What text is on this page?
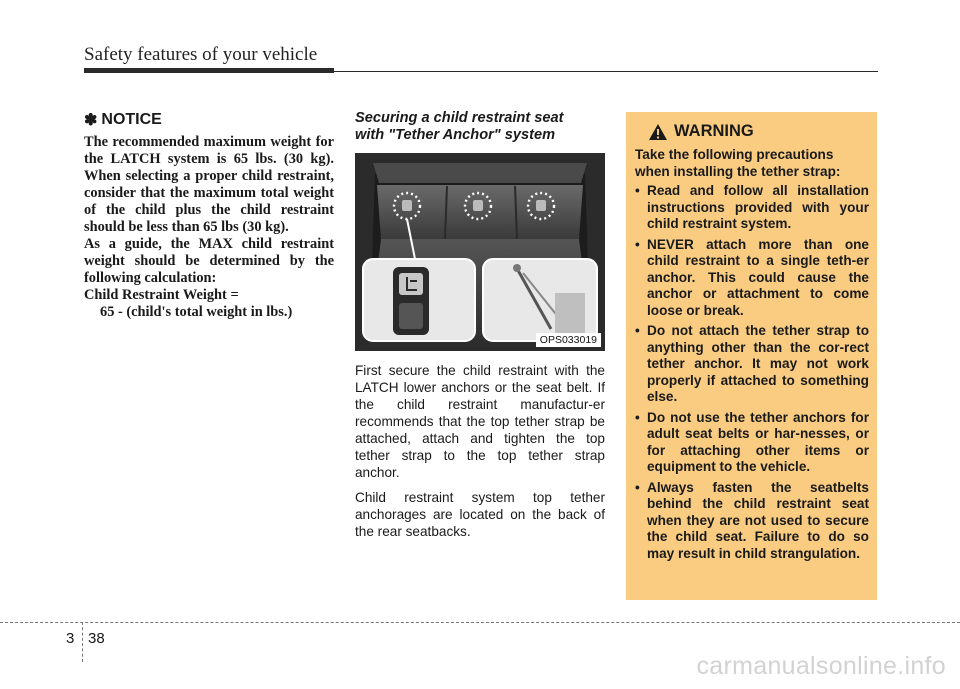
Safety features of your vehicle
✽ NOTICE

The recommended maximum weight for the LATCH system is 65 lbs. (30 kg). When selecting a proper child restraint, consider that the maximum total weight of the child plus the child restraint should be less than 65 lbs (30 kg).

As a guide, the MAX child restraint weight should be determined by the following calculation:

Child Restraint Weight =

65 - (child's total weight in lbs.)

Securing a child restraint seat
with "Tether Anchor" system
OPS033019

First secure the child restraint with the LATCH lower anchors or the seat belt. If the child restraint manufactur-er recommends that the top tether strap be attached, attach and tighten the top tether strap to the top tether strap anchor.

Child restraint system top tether anchorages are located on the back of the rear seatbacks.

WARNING

Take the following precautions when installing the tether strap:

• Read and follow all installation instructions provided with your child restraint system.
• NEVER attach more than one child restraint to a single teth-er anchor. This could cause the anchor or attachment to come loose or break.
• Do not attach the tether strap to anything other than the cor-rect tether anchor. It may not work properly if attached to something else.
• Do not use the tether anchors for adult seat belts or har-nesses, or for attaching other items or equipment to the vehicle.
• Always fasten the seatbelts behind the child restraint seat when they are not used to secure the child seat. Failure to do so may result in child strangulation.
3 38
carmanualsonline.info
